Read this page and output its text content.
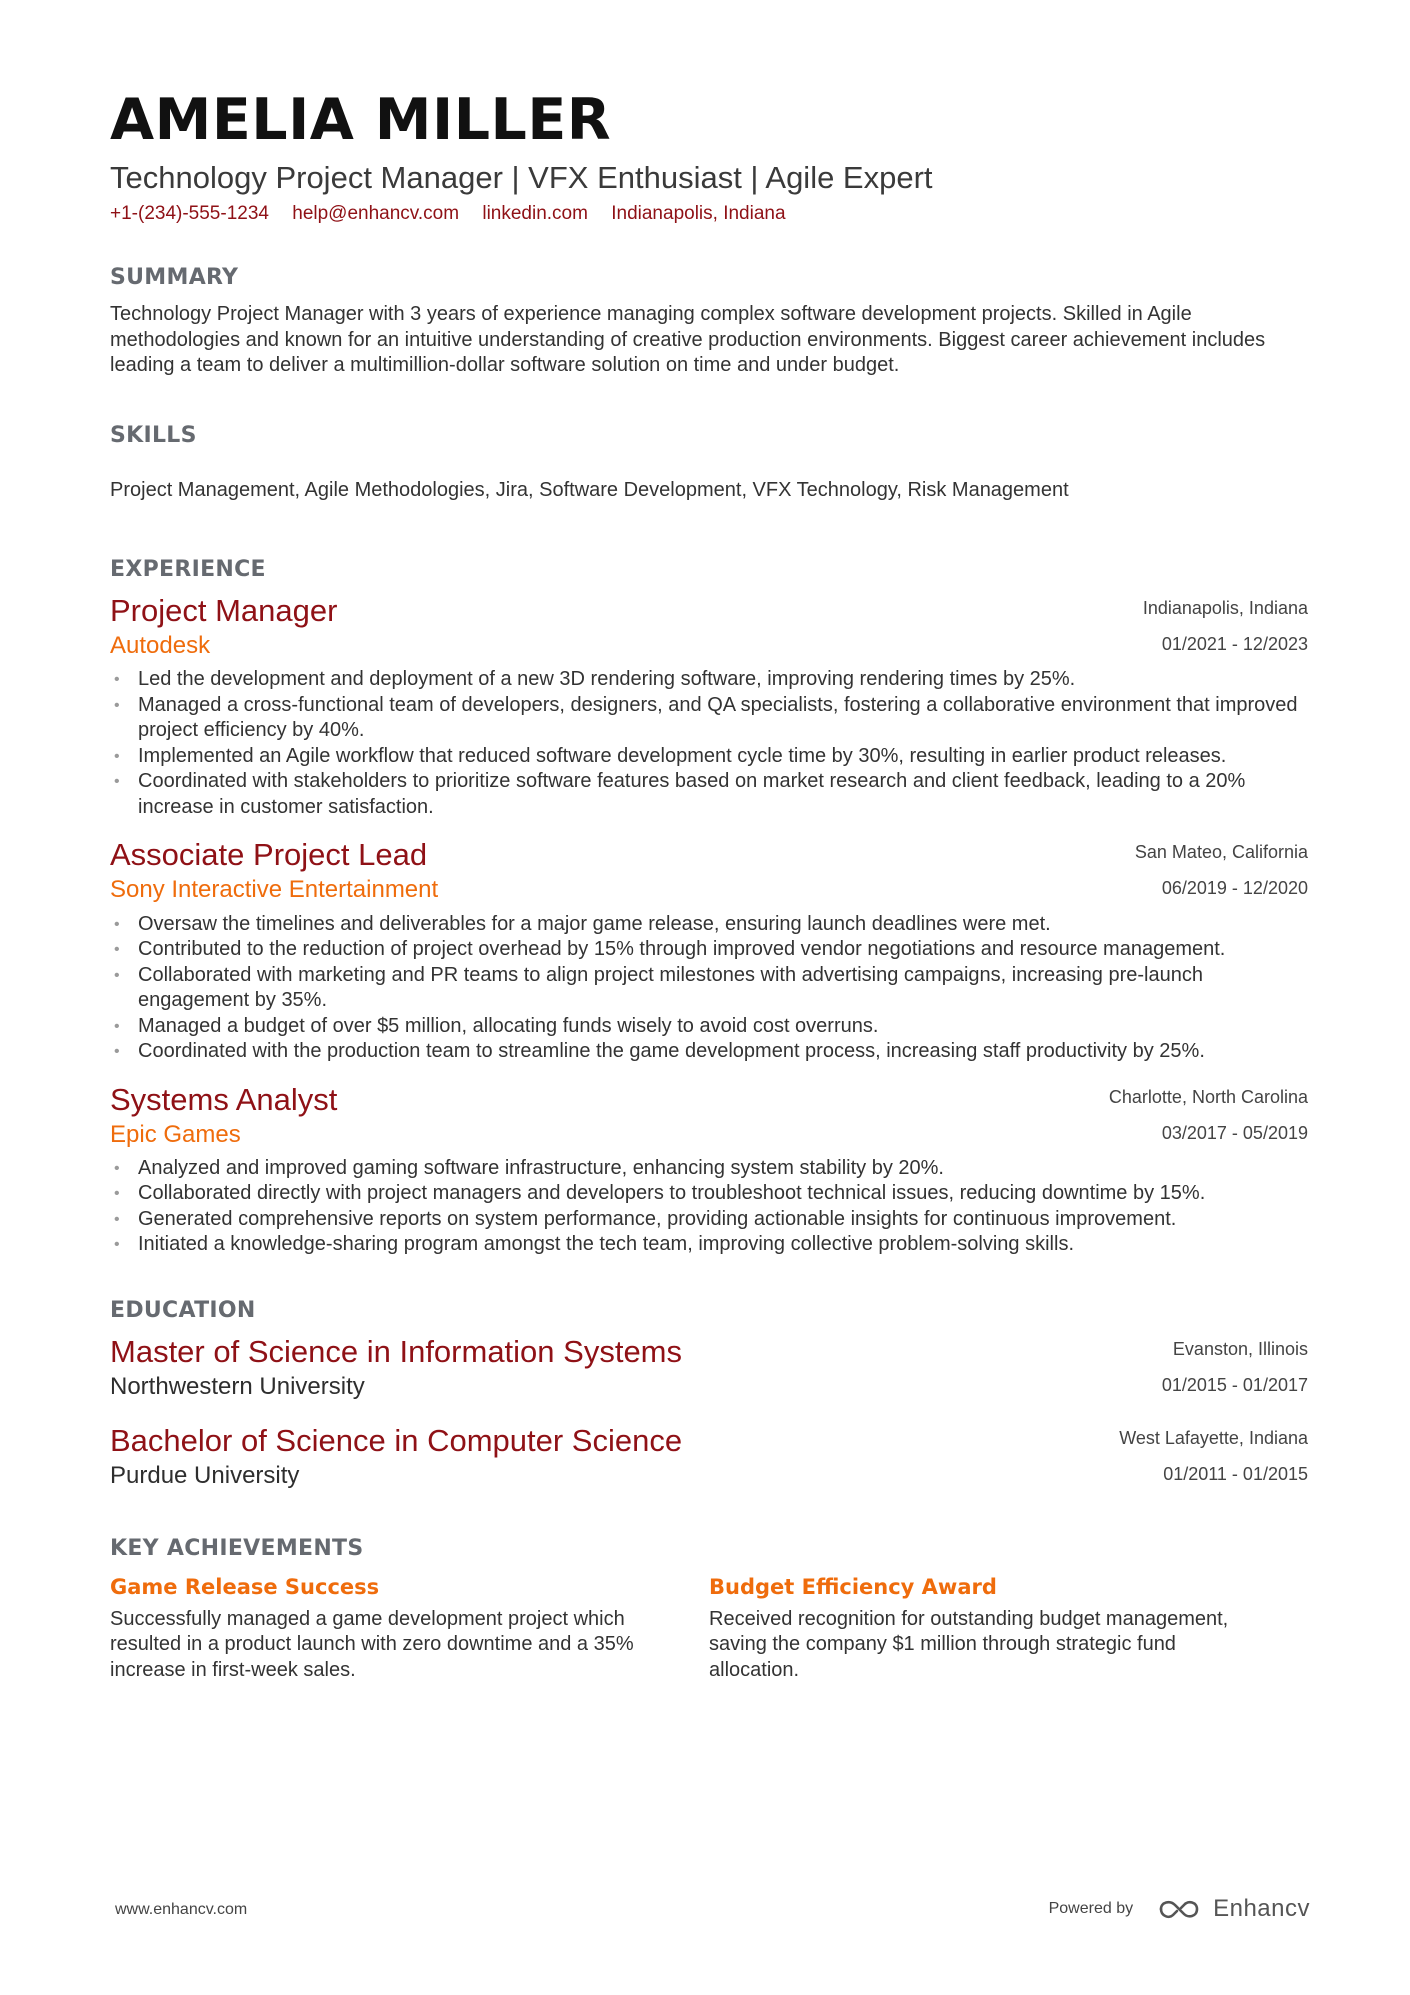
AMELIA MILLER
Technology Project Manager | VFX Enthusiast | Agile Expert
+1-(234)-555-1234 help@enhancv.com linkedin.com Indianapolis, Indiana
SUMMARY
Technology Project Manager with 3 years of experience managing complex software development projects. Skilled in Agile methodologies and known for an intuitive understanding of creative production environments. Biggest career achievement includes leading a team to deliver a multimillion-dollar software solution on time and under budget.
SKILLS
Project Management, Agile Methodologies, Jira, Software Development, VFX Technology, Risk Management
EXPERIENCE
Project Manager
Autodesk
Indianapolis, Indiana
01/2021 - 12/2023
• Led the development and deployment of a new 3D rendering software, improving rendering times by 25%.
• Managed a cross-functional team of developers, designers, and QA specialists, fostering a collaborative environment that improved project efficiency by 40%.
• Implemented an Agile workflow that reduced software development cycle time by 30%, resulting in earlier product releases.
• Coordinated with stakeholders to prioritize software features based on market research and client feedback, leading to a 20% increase in customer satisfaction.
Associate Project Lead
Sony Interactive Entertainment
San Mateo, California
06/2019 - 12/2020
• Oversaw the timelines and deliverables for a major game release, ensuring launch deadlines were met.
• Contributed to the reduction of project overhead by 15% through improved vendor negotiations and resource management.
• Collaborated with marketing and PR teams to align project milestones with advertising campaigns, increasing pre-launch engagement by 35%.
• Managed a budget of over $5 million, allocating funds wisely to avoid cost overruns.
• Coordinated with the production team to streamline the game development process, increasing staff productivity by 25%.
Systems Analyst
Epic Games
Charlotte, North Carolina
03/2017 - 05/2019
• Analyzed and improved gaming software infrastructure, enhancing system stability by 20%.
• Collaborated directly with project managers and developers to troubleshoot technical issues, reducing downtime by 15%.
• Generated comprehensive reports on system performance, providing actionable insights for continuous improvement.
• Initiated a knowledge-sharing program amongst the tech team, improving collective problem-solving skills.
EDUCATION
Master of Science in Information Systems
Northwestern University
Evanston, Illinois
01/2015 - 01/2017
Bachelor of Science in Computer Science
Purdue University
West Lafayette, Indiana
01/2011 - 01/2015
KEY ACHIEVEMENTS
Game Release Success
Successfully managed a game development project which resulted in a product launch with zero downtime and a 35% increase in first-week sales.
Budget Efficiency Award
Received recognition for outstanding budget management, saving the company $1 million through strategic fund allocation.
www.enhancv.com	Powered by	Enhancv
